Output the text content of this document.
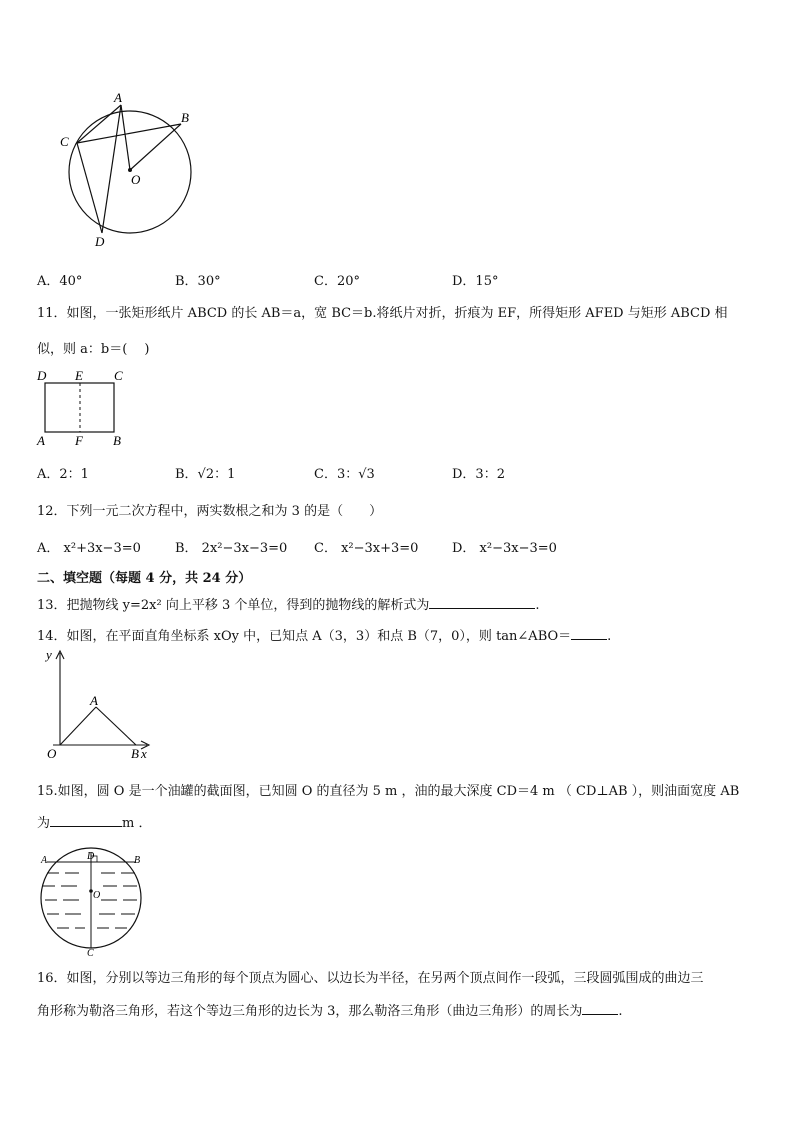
A
B
C
O
D
A．40°	B．30°	C．20°	D．15°
11．如图，一张矩形纸片 ABCD 的长 AB＝a，宽 BC＝b.将纸片对折，折痕为 EF，所得矩形 AFED 与矩形 ABCD 相
似，则 a：b＝(　 )
D E C
A F B
A．2：1	B．√2：1	C．3：√3	D．3：2
12．下列一元二次方程中，两实数根之和为 3 的是（　　）
A． x²+3x−3=0	B． 2x²−3x−3=0 C． x²−3x+3=0	D． x²−3x−3=0
二、填空题（每题 4 分，共 24 分）
13．把抛物线 y=2x² 向上平移 3 个单位，得到的抛物线的解析式为	.
14．如图，在平面直角坐标系 xOy 中，已知点 A（3，3）和点 B（7，0），则 tan∠ABO＝	.
y
A
O	B x
15.如图，圆 O 是一个油罐的截面图，已知圆 O 的直径为 5 m ，油的最大深度 CD＝4 m （ CD⊥AB ），则油面宽度 AB
为	m ．
A	D	B
O
C
16．如图，分别以等边三角形的每个顶点为圆心、以边长为半径，在另两个顶点间作一段弧，三段圆弧围成的曲边三
角形称为勒洛三角形，若这个等边三角形的边长为 3，那么勒洛三角形（曲边三角形）的周长为	.
